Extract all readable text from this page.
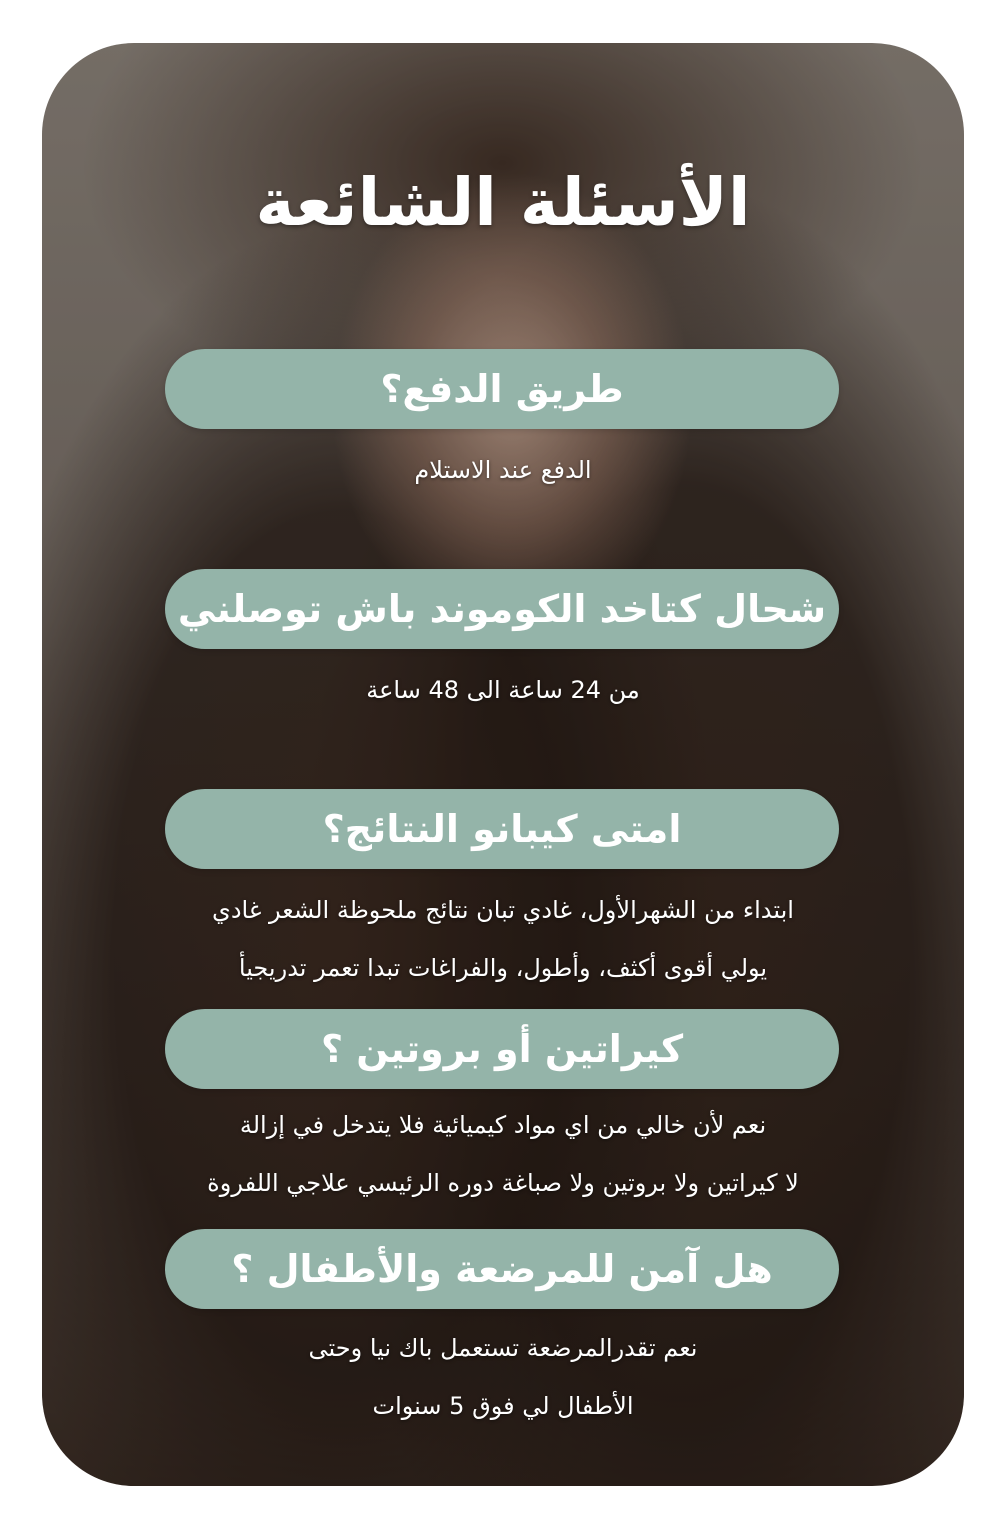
الأسئلة الشائعة
طريق الدفع؟
الدفع عند الاستلام
شحال كتاخد الكوموند باش توصلني
من 24 ساعة الى 48 ساعة
امتى كيبانو النتائج؟
ابتداء من الشهرالأول، غادي تبان نتائج ملحوظة الشعر غادي
يولي أقوى أكثف، وأطول، والفراغات تبدا تعمر تدريجيأ
كيراتين أو بروتين ؟
نعم لأن خالي من اي مواد كيميائية فلا يتدخل في إزالة
لا كيراتين ولا بروتين ولا صباغة دوره الرئيسي علاجي اللفروة
هل آمن للمرضعة والأطفال ؟
نعم تقدرالمرضعة تستعمل باك نيا وحتى
الأطفال لي فوق 5 سنوات
